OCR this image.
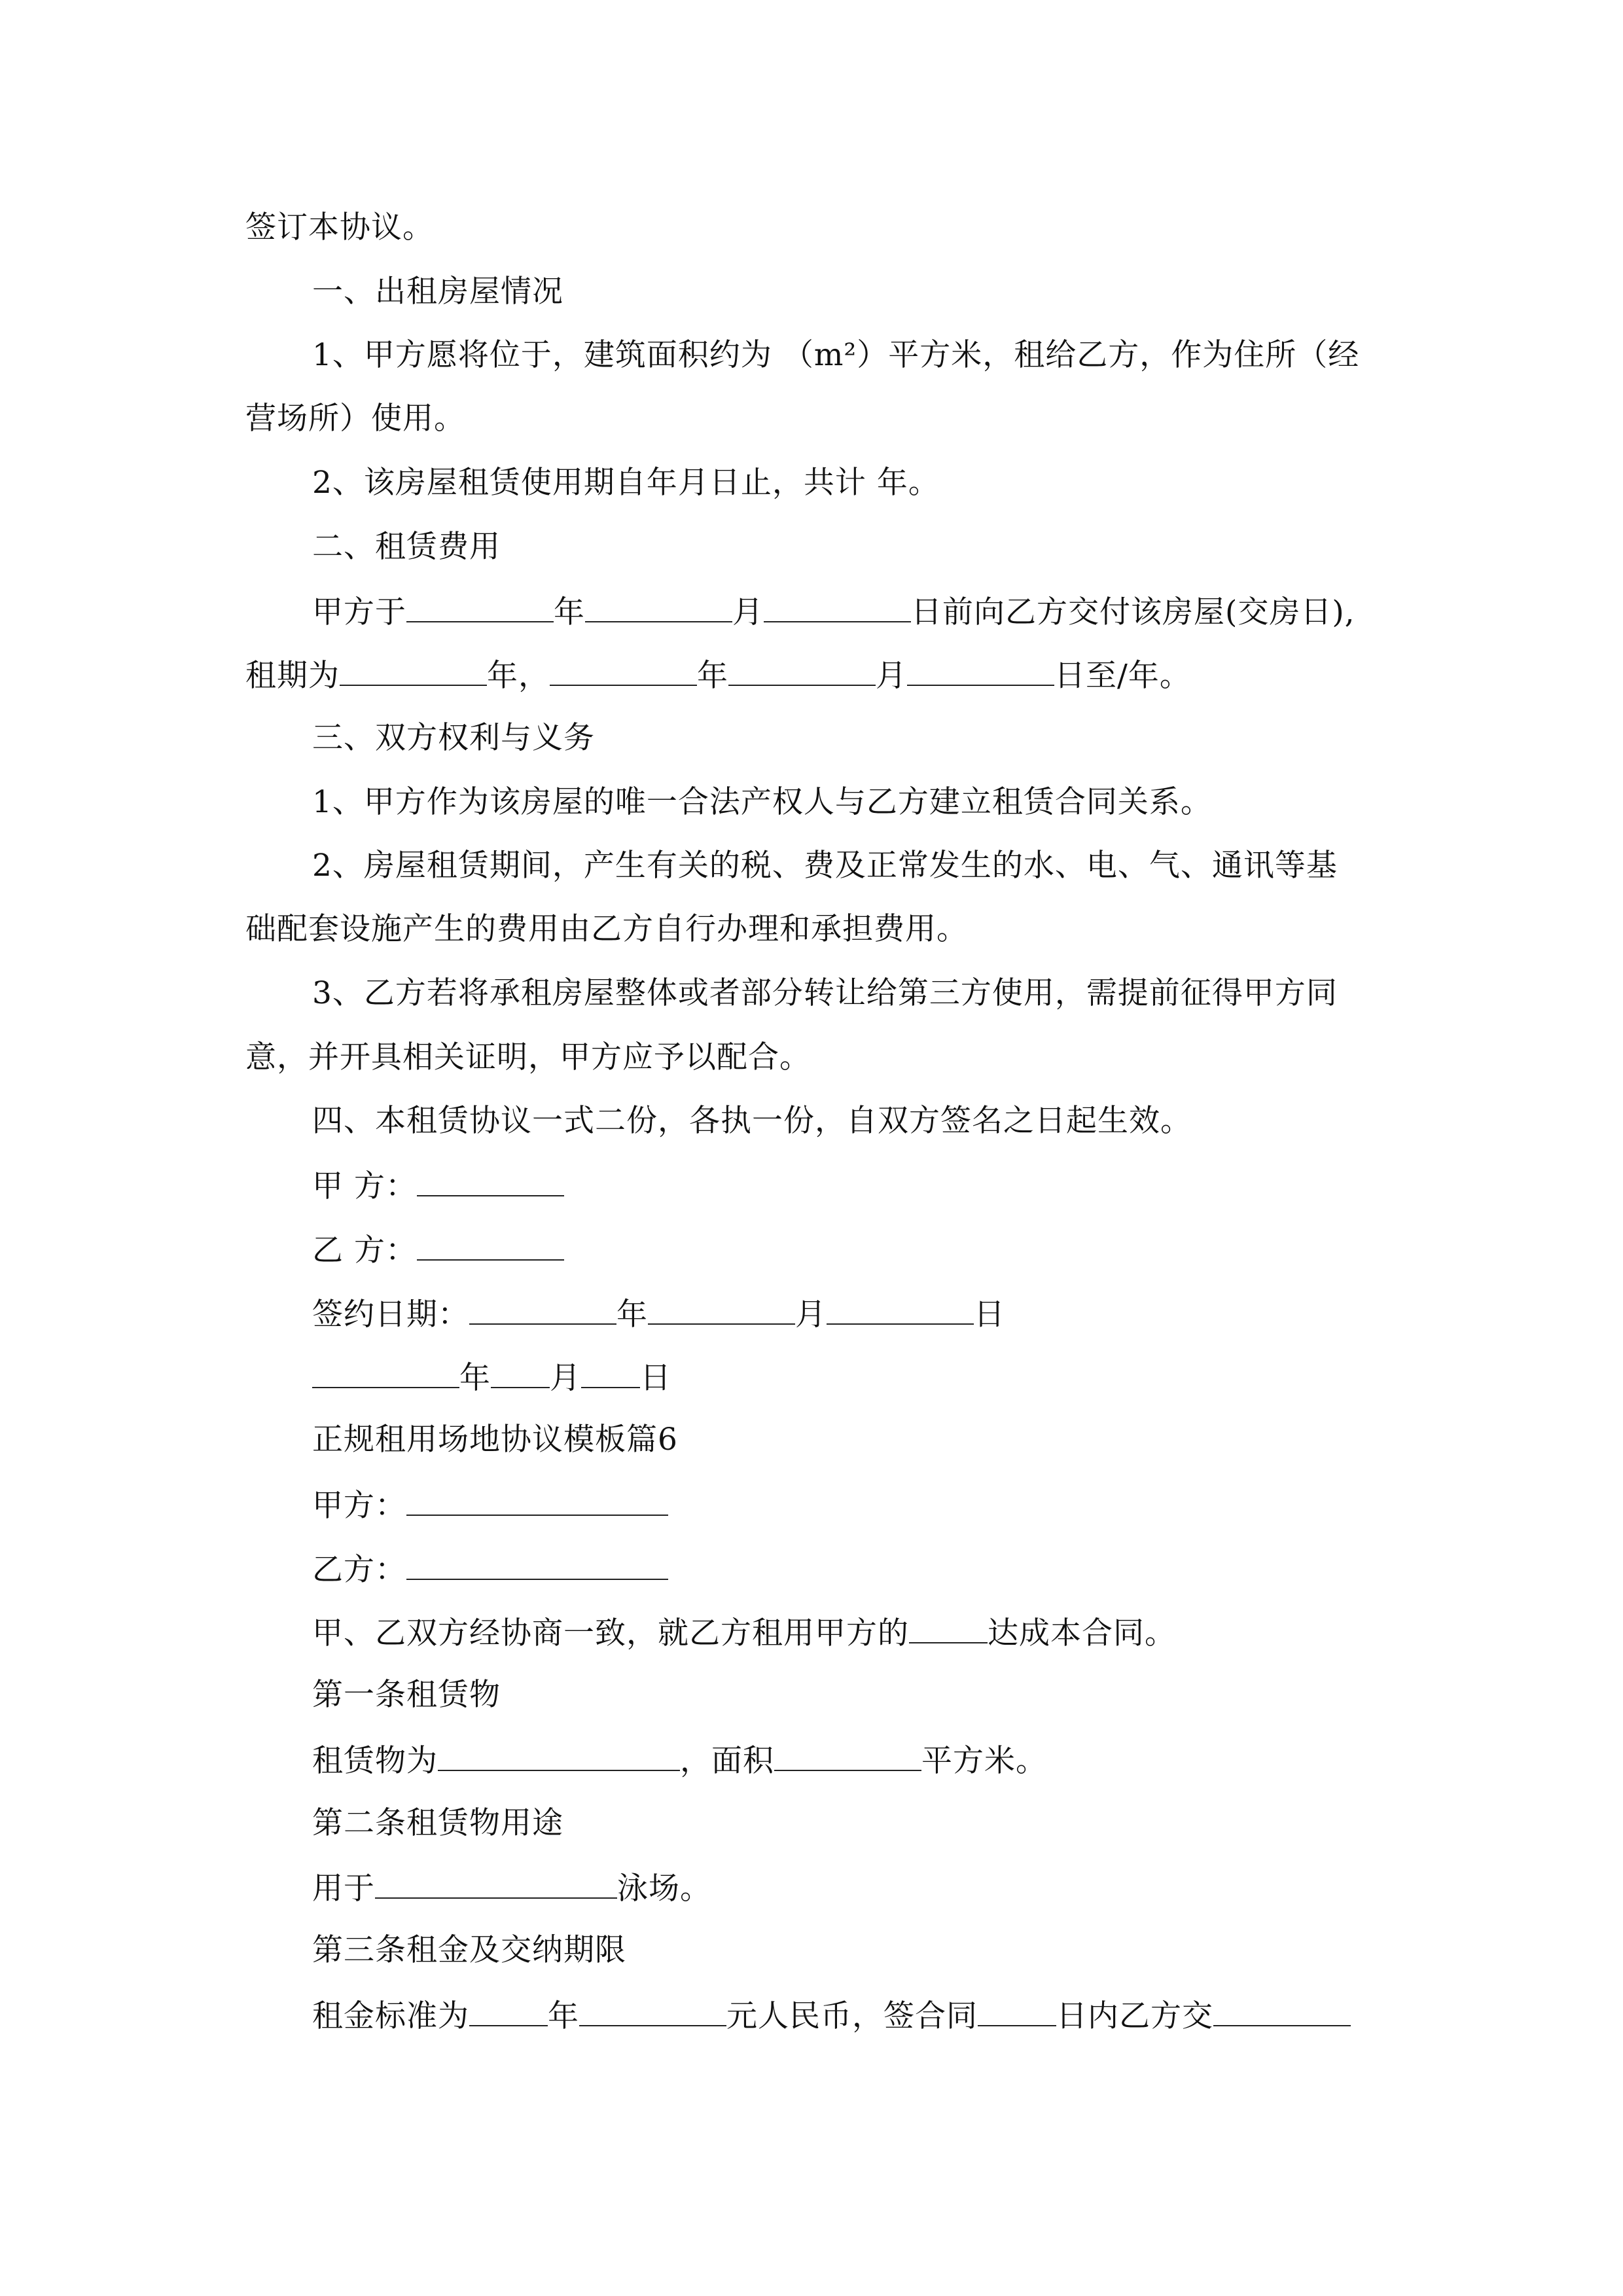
签订本协议。
一、出租房屋情况
1、甲方愿将位于，建筑面积约为 （m²）平方米，租给乙方，作为住所（经
营场所）使用。
2、该房屋租赁使用期自年月日止，共计 年。
二、租赁费用
甲方于	年	月	日前向乙方交付该房屋(交房日),
租期为	年，	年	月	日至/年。
三、双方权利与义务
1、甲方作为该房屋的唯一合法产权人与乙方建立租赁合同关系。
2、房屋租赁期间，产生有关的税、费及正常发生的水、电、气、通讯等基
础配套设施产生的费用由乙方自行办理和承担费用。
3、乙方若将承租房屋整体或者部分转让给第三方使用，需提前征得甲方同
意，并开具相关证明，甲方应予以配合。
四、本租赁协议一式二份，各执一份，自双方签名之日起生效。
甲 方：
乙 方：
签约日期：	年	月	日
年 月 日
正规租用场地协议模板篇6
甲方：
乙方：
甲、乙双方经协商一致，就乙方租用甲方的	达成本合同。
第一条租赁物
租赁物为	，面积	平方米。
第二条租赁物用途
用于	泳场。
第三条租金及交纳期限
租金标准为	年	元人民币，签合同	日内乙方交
